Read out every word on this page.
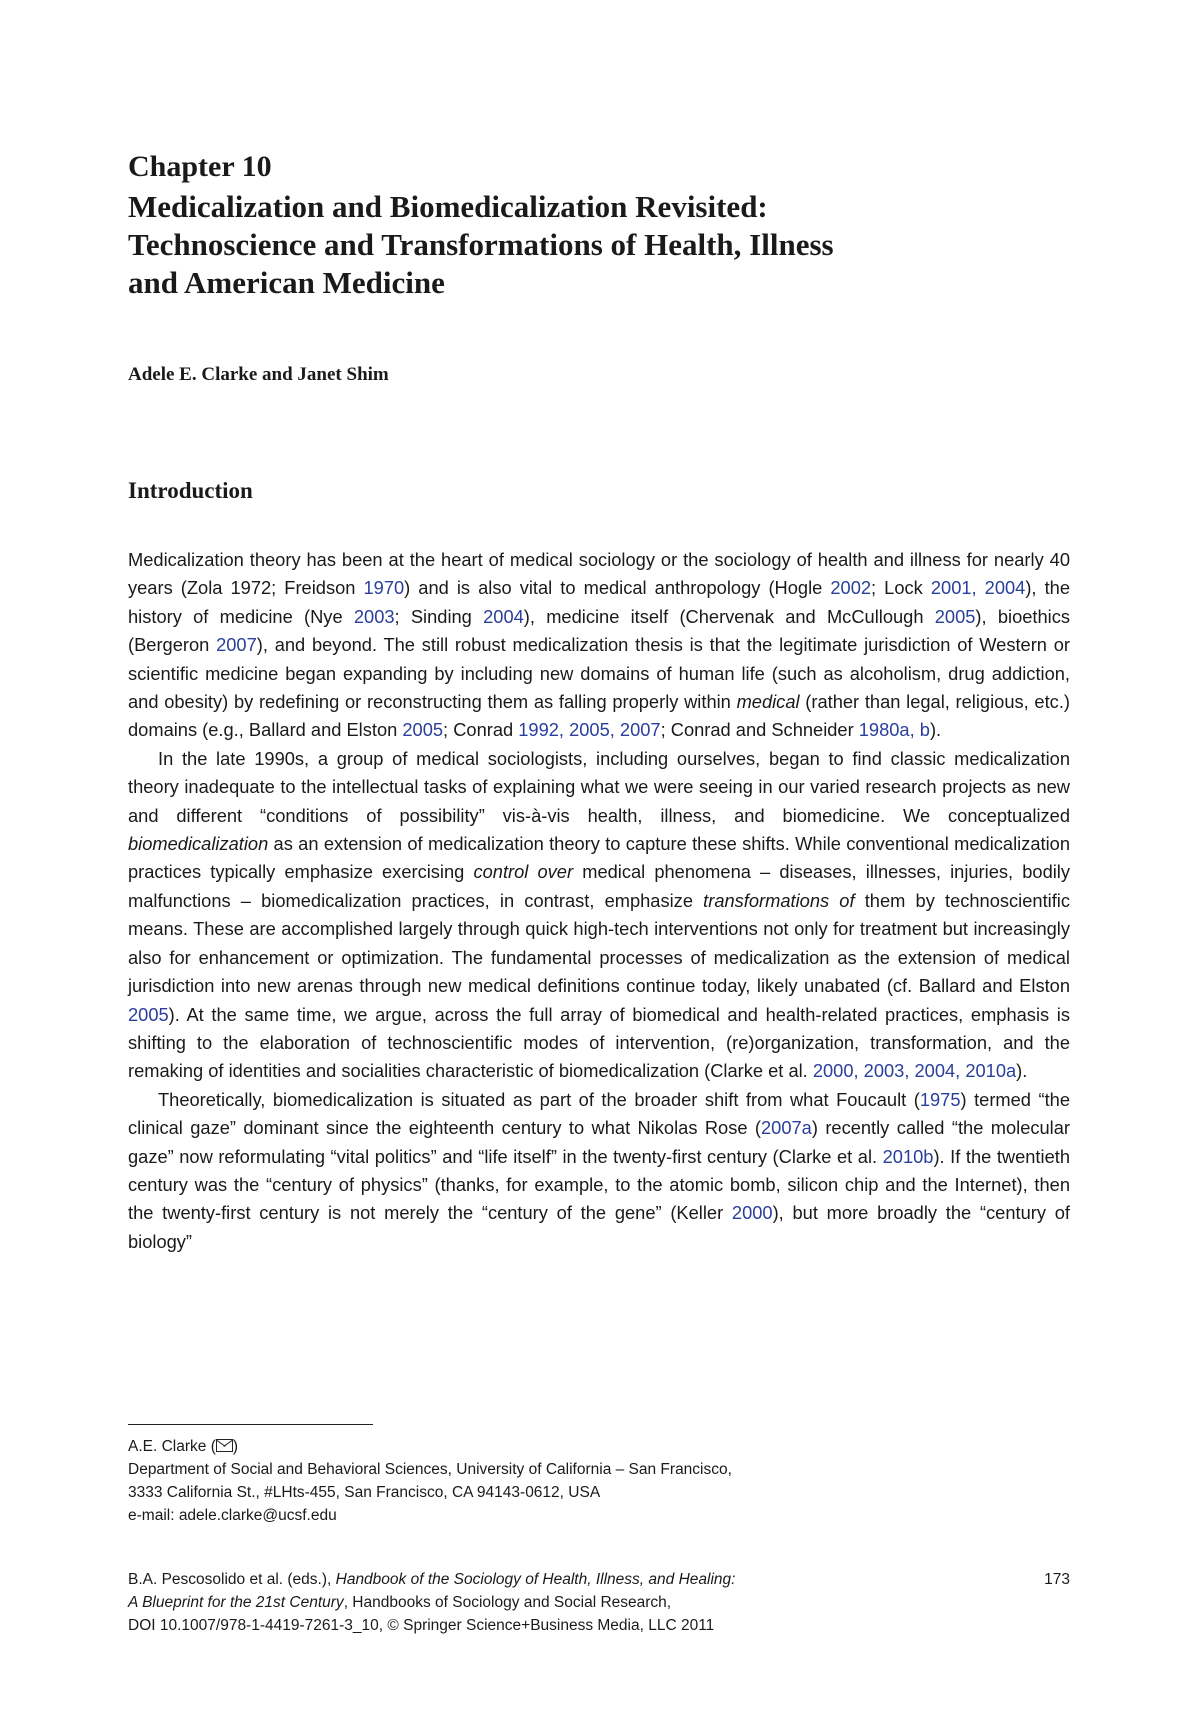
Chapter 10
Medicalization and Biomedicalization Revisited:
Technoscience and Transformations of Health, Illness
and American Medicine
Adele E. Clarke and Janet Shim
Introduction

Medicalization theory has been at the heart of medical sociology or the sociology of health and illness for nearly 40 years (Zola 1972; Freidson 1970) and is also vital to medical anthropology (Hogle 2002; Lock 2001, 2004), the history of medicine (Nye 2003; Sinding 2004), medicine itself (Chervenak and McCullough 2005), bioethics (Bergeron 2007), and beyond. The still robust medicalization thesis is that the legitimate jurisdiction of Western or scientific medicine began expanding by including new domains of human life (such as alcoholism, drug addiction, and obesity) by redefining or reconstructing them as falling properly within medical (rather than legal, religious, etc.) domains (e.g., Ballard and Elston 2005; Conrad 1992, 2005, 2007; Conrad and Schneider 1980a, b).

In the late 1990s, a group of medical sociologists, including ourselves, began to find classic medicalization theory inadequate to the intellectual tasks of explaining what we were seeing in our varied research projects as new and different “conditions of possibility” vis-à-vis health, illness, and biomedicine. We conceptualized biomedicalization as an extension of medicalization theory to capture these shifts. While conventional medicalization practices typically emphasize exercising control over medical phenomena – diseases, illnesses, injuries, bodily malfunctions – biomedicalization practices, in contrast, emphasize transformations of them by technoscientific means. These are accomplished largely through quick high-tech interventions not only for treatment but increasingly also for enhancement or optimization. The fundamental processes of medicalization as the extension of medical jurisdiction into new arenas through new medical definitions continue today, likely unabated (cf. Ballard and Elston 2005). At the same time, we argue, across the full array of biomedical and health-related practices, emphasis is shifting to the elaboration of technoscientific modes of intervention, (re)organization, transformation, and the remaking of identities and socialities characteristic of biomedicalization (Clarke et al. 2000, 2003, 2004, 2010a).

Theoretically, biomedicalization is situated as part of the broader shift from what Foucault (1975) termed “the clinical gaze” dominant since the eighteenth century to what Nikolas Rose (2007a) recently called “the molecular gaze” now reformulating “vital politics” and “life itself” in the twenty-first century (Clarke et al. 2010b). If the twentieth century was the “century of physics” (thanks, for example, to the atomic bomb, silicon chip and the Internet), then the twenty-first century is not merely the “century of the gene” (Keller 2000), but more broadly the “century of biology”

A.E. Clarke ( )
Department of Social and Behavioral Sciences, University of California – San Francisco,
3333 California St., #LHts-455, San Francisco, CA 94143-0612, USA
e-mail: adele.clarke@ucsf.edu
B.A. Pescosolido et al. (eds.), Handbook of the Sociology of Health, Illness, and Healing:
A Blueprint for the 21st Century, Handbooks of Sociology and Social Research,
DOI 10.1007/978-1-4419-7261-3_10, © Springer Science+Business Media, LLC 2011
173
